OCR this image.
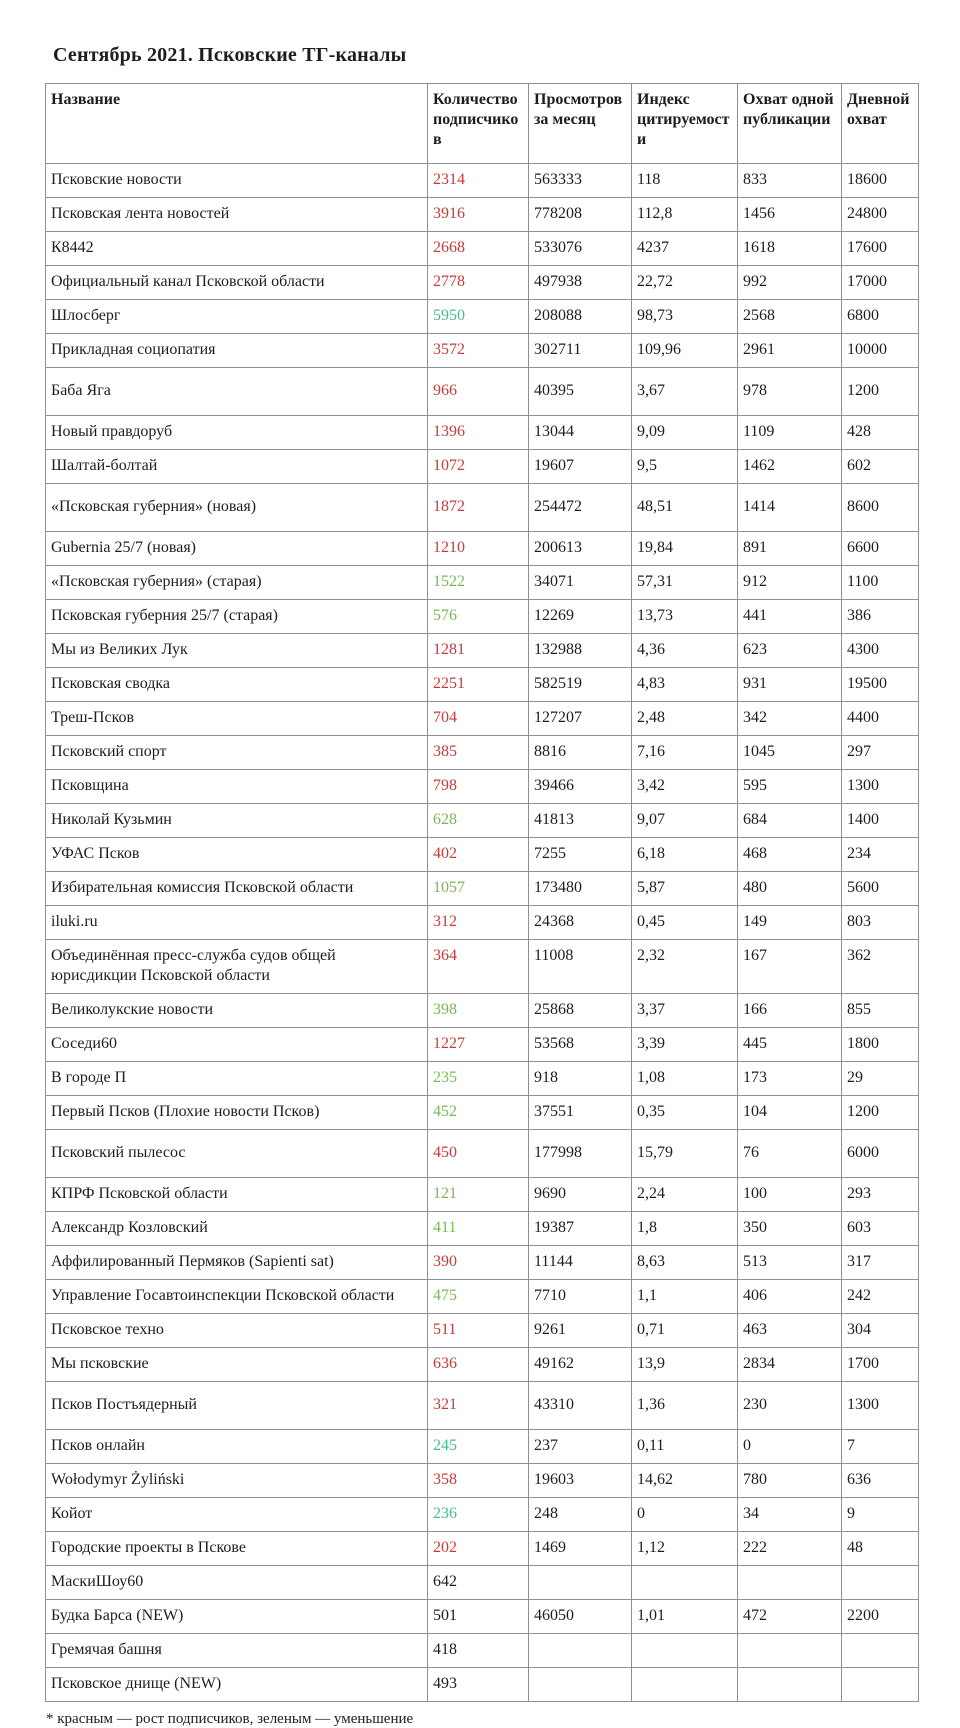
Сентябрь 2021. Псковские ТГ-каналы
Название	Количество подписчиков	Просмотров за месяц	Индекс цитируемости	Охват одной публикации	Дневной охват
Псковские новости	2314	563333	118	833	18600
Псковская лента новостей	3916	778208	112,8	1456	24800
К8442	2668	533076	4237	1618	17600
Официальный канал Псковской области	2778	497938	22,72	992	17000
Шлосберг	5950	208088	98,73	2568	6800
Прикладная социопатия	3572	302711	109,96	2961	10000
Баба Яга	966	40395	3,67	978	1200
Новый правдоруб	1396	13044	9,09	1109	428
Шалтай-болтай	1072	19607	9,5	1462	602
«Псковская губерния» (новая)	1872	254472	48,51	1414	8600
Gubernia 25/7 (новая)	1210	200613	19,84	891	6600
«Псковская губерния» (старая)	1522	34071	57,31	912	1100
Псковская губерния 25/7 (старая)	576	12269	13,73	441	386
Мы из Великих Лук	1281	132988	4,36	623	4300
Псковская сводка	2251	582519	4,83	931	19500
Треш-Псков	704	127207	2,48	342	4400
Псковский спорт	385	8816	7,16	1045	297
Псковщина	798	39466	3,42	595	1300
Николай Кузьмин	628	41813	9,07	684	1400
УФАС Псков	402	7255	6,18	468	234
Избирательная комиссия Псковской области	1057	173480	5,87	480	5600
iluki.ru	312	24368	0,45	149	803
Объединённая пресс-служба судов общей юрисдикции Псковской области	364	11008	2,32	167	362
Великолукские новости	398	25868	3,37	166	855
Соседи60	1227	53568	3,39	445	1800
В городе П	235	918	1,08	173	29
Первый Псков (Плохие новости Псков)	452	37551	0,35	104	1200
Псковский пылесос	450	177998	15,79	76	6000
КПРФ Псковской области	121	9690	2,24	100	293
Александр Козловский	411	19387	1,8	350	603
Аффилированный Пермяков (Sapienti sat)	390	11144	8,63	513	317
Управление Госавтоинспекции Псковской области	475	7710	1,1	406	242
Псковское техно	511	9261	0,71	463	304
Мы псковские	636	49162	13,9	2834	1700
Псков Постъядерный	321	43310	1,36	230	1300
Псков онлайн	245	237	0,11	0	7
Wołodymyr Żyliński	358	19603	14,62	780	636
Койот	236	248	0	34	9
Городские проекты в Пскове	202	1469	1,12	222	48
МаскиШоу60	642				
Будка Барса (NEW)	501	46050	1,01	472	2200
Гремячая башня	418				
Псковское днище (NEW)	493				
* красным — рост подписчиков, зеленым — уменьшение
